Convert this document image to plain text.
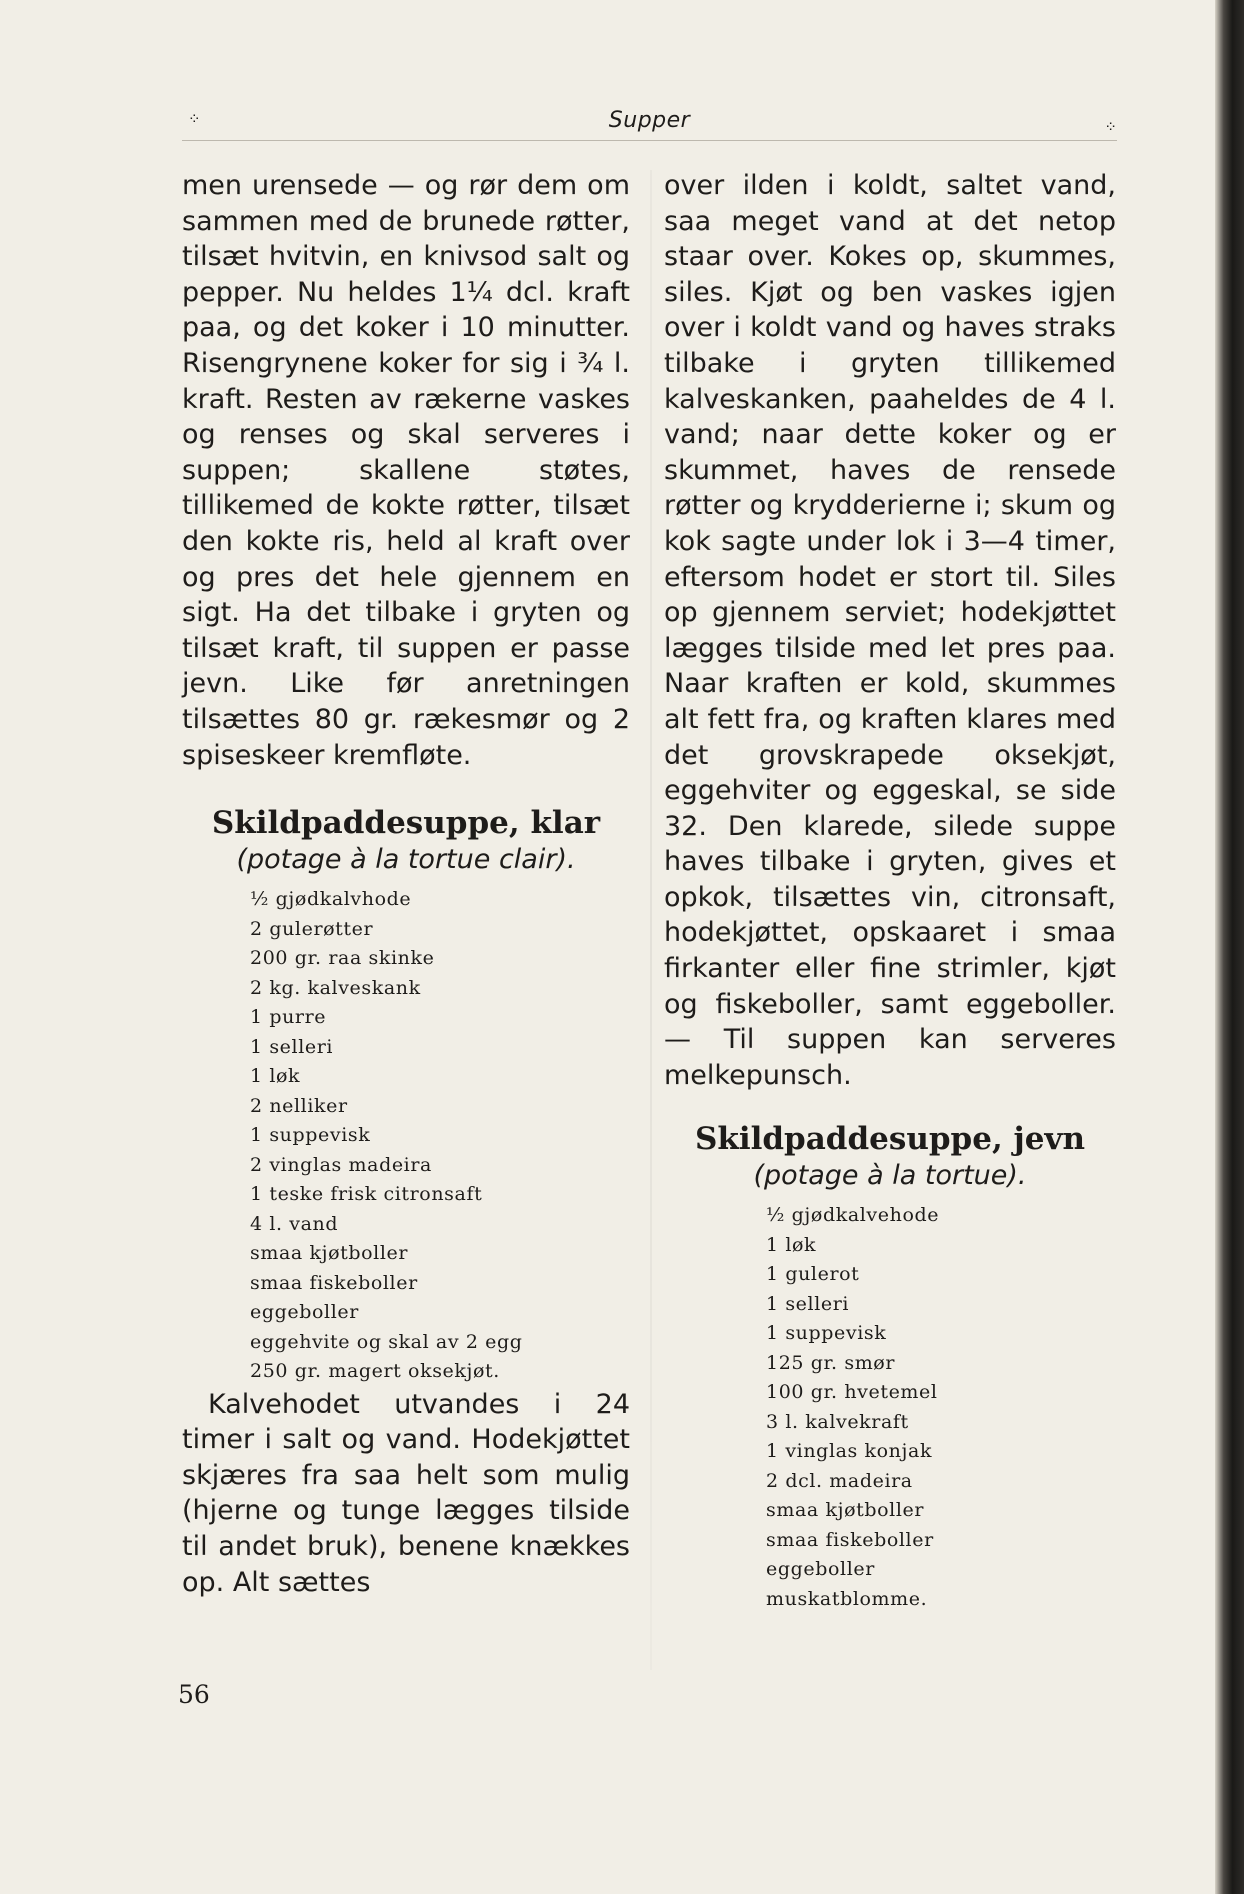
⁘	Supper	⁘

men urensede — og rør dem om sammen med de brunede røtter, tilsæt hvitvin, en knivsod salt og pepper. Nu heldes 1¼ dcl. kraft paa, og det koker i 10 minutter. Risengrynene koker for sig i ¾ l. kraft. Resten av rækerne vaskes og renses og skal serveres i suppen; skallene støtes, tillikemed de kokte røtter, tilsæt den kokte ris, held al kraft over og pres det hele gjennem en sigt. Ha det tilbake i gryten og tilsæt kraft, til suppen er passe jevn. Like før anretningen tilsættes 80 gr. rækesmør og 2 spiseskeer kremfløte.

Skildpaddesuppe, klar

(potage à la tortue clair).

½ gjødkalvhode
2 gulerøtter
200 gr. raa skinke
2 kg. kalveskank
1 purre
1 selleri
1 løk
2 nelliker
1 suppevisk
2 vinglas madeira
1 teske frisk citronsaft
4 l. vand
smaa kjøtboller
smaa fiskeboller
eggeboller
eggehvite og skal av 2 egg
250 gr. magert oksekjøt.

Kalvehodet utvandes i 24 timer i salt og vand. Hodekjøttet skjæres fra saa helt som mulig (hjerne og tunge lægges tilside til andet bruk), benene knækkes op. Alt sættes

over ilden i koldt, saltet vand, saa meget vand at det netop staar over. Kokes op, skummes, siles. Kjøt og ben vaskes igjen over i koldt vand og haves straks tilbake i gryten tillikemed kalveskanken, paaheldes de 4 l. vand; naar dette koker og er skummet, haves de rensede røtter og krydderierne i; skum og kok sagte under lok i 3—4 timer, eftersom hodet er stort til. Siles op gjennem serviet; hodekjøttet lægges tilside med let pres paa. Naar kraften er kold, skummes alt fett fra, og kraften klares med det grovskrapede oksekjøt, eggehviter og eggeskal, se side 32. Den klarede, silede suppe haves tilbake i gryten, gives et opkok, tilsættes vin, citronsaft, hodekjøttet, opskaaret i smaa firkanter eller fine strimler, kjøt og fiskeboller, samt eggeboller. — Til suppen kan serveres melkepunsch.

Skildpaddesuppe, jevn

(potage à la tortue).

½ gjødkalvehode
1 løk
1 gulerot
1 selleri
1 suppevisk
125 gr. smør
100 gr. hvetemel
3 l. kalvekraft
1 vinglas konjak
2 dcl. madeira
smaa kjøtboller
smaa fiskeboller
eggeboller
muskatblomme.
56
